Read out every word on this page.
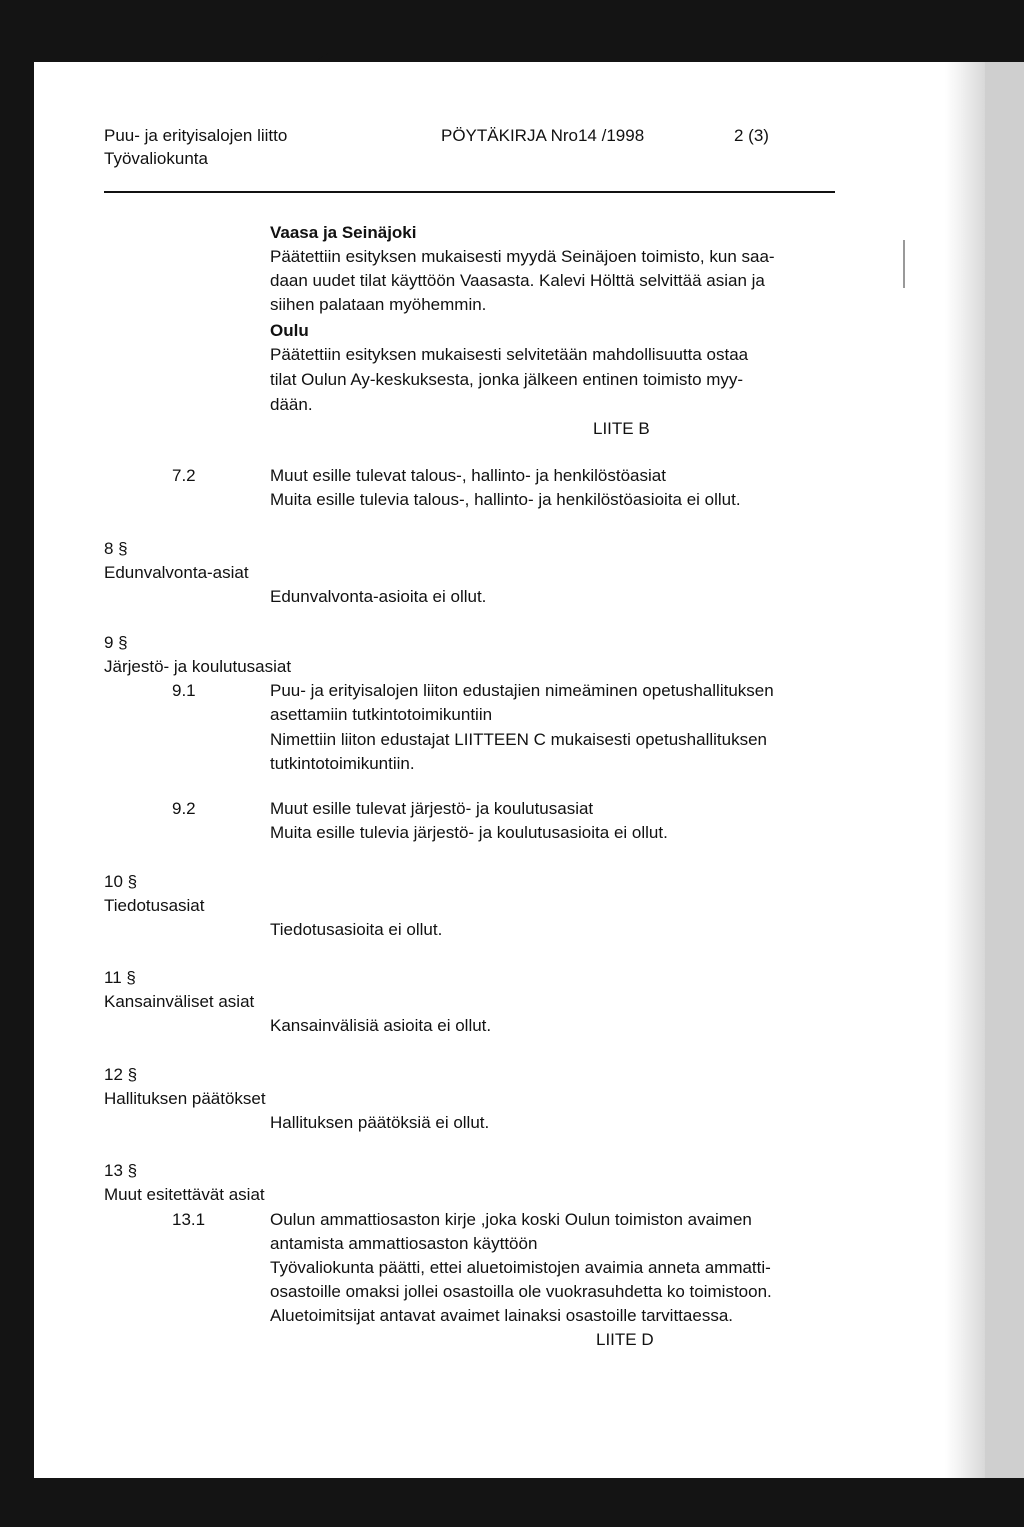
Puu- ja erityisalojen liitto
Työvaliokunta
PÖYTÄKIRJA Nro14 /1998	2 (3)
Vaasa ja Seinäjoki
Päätettiin esityksen mukaisesti myydä Seinäjoen toimisto, kun saa-
daan uudet tilat käyttöön Vaasasta. Kalevi Hölttä selvittää asian ja
siihen palataan myöhemmin.
Oulu
Päätettiin esityksen mukaisesti selvitetään mahdollisuutta ostaa
tilat Oulun Ay-keskuksesta, jonka jälkeen entinen toimisto myy-
dään.
LIITE B
7.2	Muut esille tulevat talous-, hallinto- ja henkilöstöasiat
Muita esille tulevia talous-, hallinto- ja henkilöstöasioita ei ollut.
8 §
Edunvalvonta-asiat
Edunvalvonta-asioita ei ollut.
9 §
Järjestö- ja koulutusasiat
9.1	Puu- ja erityisalojen liiton edustajien nimeäminen opetushallituksen
asettamiin tutkintotoimikuntiin
Nimettiin liiton edustajat LIITTEEN C mukaisesti opetushallituksen
tutkintotoimikuntiin.
9.2	Muut esille tulevat järjestö- ja koulutusasiat
Muita esille tulevia järjestö- ja koulutusasioita ei ollut.
10 §
Tiedotusasiat
Tiedotusasioita ei ollut.
11 §
Kansainväliset asiat
Kansainvälisiä asioita ei ollut.
12 §
Hallituksen päätökset
Hallituksen päätöksiä ei ollut.
13 §
Muut esitettävät asiat
13.1	Oulun ammattiosaston kirje ,joka koski Oulun toimiston avaimen
antamista ammattiosaston käyttöön
Työvaliokunta päätti, ettei aluetoimistojen avaimia anneta ammatti-
osastoille omaksi jollei osastoilla ole vuokrasuhdetta ko toimistoon.
Aluetoimitsijat antavat avaimet lainaksi osastoille tarvittaessa.
LIITE D
